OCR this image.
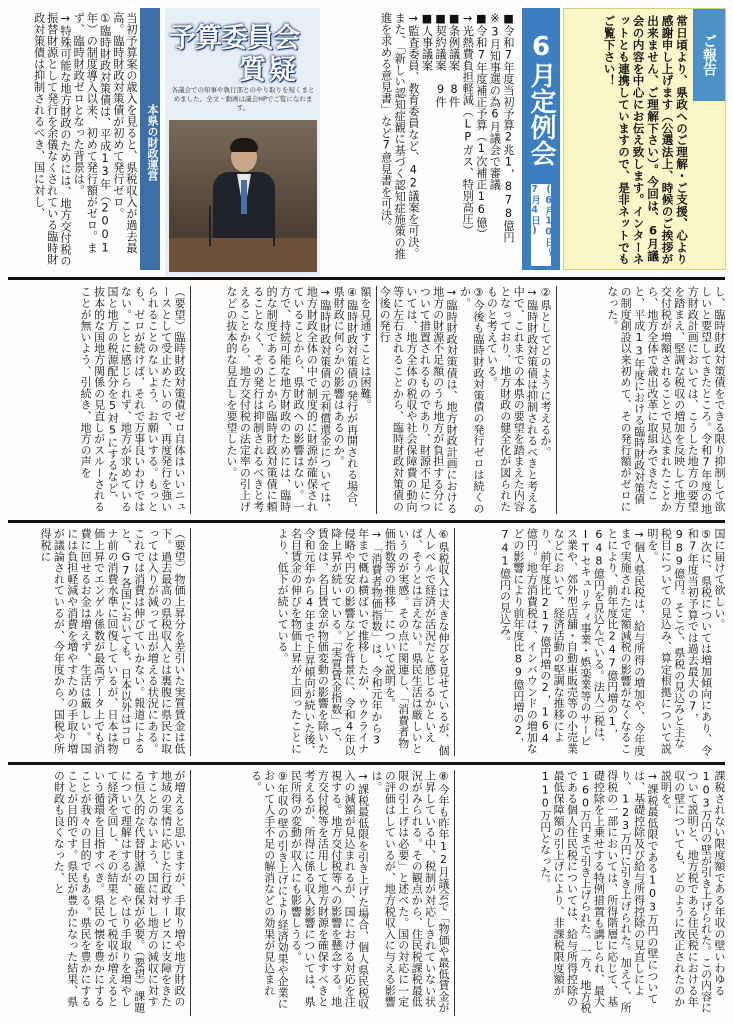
ご報告
常日頃より、県政へのご理解・ご支援、心より感謝申し上げます（公選法上、時候のご挨拶が出来ません、ご理解下さい）。今回は、6月議会の内容を中心にお伝え致します。インターネットとも連携していますので、是非ネットでもご覧下さい！
6月定例会
(6月10日〜7月4日)
■令和7年度当初予算2兆1，878億円
※3月知事選の為6月議会で審議
■令和7年度補正予算（1次補正16億）
→光熱費負担軽減（LPガス、特別高圧）
■条例議案　8件
■契約議案　9件
■人事議案
→監査委員、教育委員など、42議案を可決。
また、「新しい認知症観に基づく認知症施策の推進を求める意見書」など7意見書を可決。
予算委員会
質疑
各議会での知事や執行部とのやり取りを短くまとめました。全文・動画は議会HPでご覧になれます。
本県の財政運営
当初予算案の歳入を見ると、県税収入が過去最高。臨時財政対策債が初めて発行ゼロ。
①臨時財政対策債は、平成13年（2001年）の制度導入以来、初めて発行額がゼロ。まず、臨時財政ゼロとなった背景は。
→特殊可能な地方財政のためには、地方交付税の振替財源として発行を余儀なくされている臨時財政対策債は抑制されるべき、国に対し、
し、臨時財政対策債をできる限り抑制して欲しいと要望してきたところ。令和7年度の地方財政計画においては、こうした地方の要望を踏まえ、堅調な税収の増加を反映して地方交付税が増額されることで見込まれたことから、地方全体で歳出改革に取組みできたこと、平成13年度における臨時財政対策債の制度創設以来初めて、その発行額がゼロになった。
②県としてどのように考えるか。
→臨時財政対策債は抑制されるべきと考える中で、これまでの本県の要望を踏まえた内容となっており、地方財政の健全化が図られたものと考えている。
③今後も臨時財政対策債の発行ゼロは続くのか。
→臨時財政対策債は、地方財政計画における地方の財源不足額のうち地方が負担する分について措置されるものであり、財源不足については、地方全体の税収や社会保障費の動向等に左右されることから、臨時財政対策債の今後の発行
額を見通すことは困難。
④臨時財政対策債の発行が再開される場合、県財政に何らかの影響はあるのか。
→臨時財政対策債の元利償還金については、地方財政全体の中で制度的に財源が確保されていることから、県財政への影響はない。一方で、持続可能な地方財政のためには、臨時的な制度であることから臨時財政対策債に頼ることなく、その発行は抑制されるべきと考えることから、地方交付税の法定率の引上げなどの抜本的な見直しを要望したい。
（要望）臨時財政対策債ゼロ自体はいいニュースとして受止めたいので、再度発行を強いられることのないよう、お願いする。もっとも、ゼロが続けば、それで万事良いわけではない。ことに感じられず、地方が求めている国と地方の税源配分を5対5にするなど、抜本的な国地方関係の見直しがスルーされることが無いよう、引続き、地方の声を
国に届けて欲しい。
⑤次に、県税については増加傾向にあり、令和7年度当初予算では過去最大の7，989億円。そこで、県税の見込みと主な税目についての見込み、算定根拠について説明を。
→個人県民税は、給与所得の増加や、今年度まで実施された定額減税の影響がなくなることにより、前年度比247億円増の1，648億円を見込んでいる。法人二税は、ITセキュリティ事業・娯楽業等のサービス業や、郊外型店舗・自動車販売等の小売業などにおいて、経済活動の堅調な推移により、前年度比217億円増の2，164億円。地方消費税は、インバウンドの増加などの影響により前年度比89億円増の2，741億円の見込み。
⑥県税収入は大きな伸びを見せているが、個人レベルで経済が活況だと感じるかといえば、そうとは言えない。県民生活は厳しいというのが実感。その点に関連し、「消費者物価指数等の推移」について説明を。
→「消費者物価指数」は、令和元年から3年まで概ね横ばいで推移したが、ウクライナ侵略や円安の影響などを背景に、令和4年以降上昇が続いている。「実質賃金指数」で、賃金は、名目賃金が物価変動の影響を除いた令和元年から4年まで上昇傾向が続いた後、名目賃金の伸びを物価上昇が上回ったことにより、低下が続いている。
（要望）物価上昇分を差引いた実質賃金は低下。過去最高の県税収入とは裏腹に県民に取っては入りが減って出が増える状況にある。これでは消費は伸びていかない。報道によると、G7各国においても、日本以外はコロナ前の消費水準に回復しているが、日本は物価上昇でエンゲル係数が最高データ上でも消費に回せるお金は増えず、生活は厳しい。国には負担軽減や消費を増やすための手取り増が議論されているが、今年度から、国税や所得税に
課税されない限度額である年収の壁いわゆる103万円の壁が引き上げられた。この内容について説明と、地方税である住民税における年収の壁についても、どのように改正されたのか説明を。
→課税最低限である103万円の壁については、基礎控除及び給与所得控除の見直しにより、123万円に引き上げられた。加えて、所得税の一部においては、所得階層に応じて、基礎控除を上乗せする特例措置も講じられ、最大160万円まで引き上げられた。一方、地方税である個人住民税については、給与所得控除の最低保障額の引上げにより、非課税限度額が110万円となった。
⑧今年も昨年12月議会で「物価や最低賃金が上昇している中、税制が対応しきれていない状況がみられる。その観点から、住民税課税最低限の引上げは必要」と述べた。国の対応に一定の評価はしているが、地方税収入に与える影響は。
→課税最低限を引き上げた場合、個人県民税収入の減額が見込まれるが、国における対応を注視する。地方交付税等への影響を懸念する。地方交付税等を活用して地方財源を確保すべきと考えるが、所得に係る収入影響については、県民所得の変動が収入にも影響しうる。
⑨年収の壁の引き上げにより経済効果や企業において人手不足の解消などの効果が見込まれる。
が増えると思いますが、手取り増や地方財政の地域の実情に応じた行政サービスに支障をきたすことのないよう、国に対し地方の減収に対する恒久的な代替財源の確保が必要。（要望）課題について理解はするが、やはり手取りを増やして経済を回し、その結果として税収が増えるという循環を目指すべき。県民の懐を豊かにすることが我々の目的でもある。県民を豊かにすることが目的です。県民が豊かになった結果、県の財政も良くなった、と
